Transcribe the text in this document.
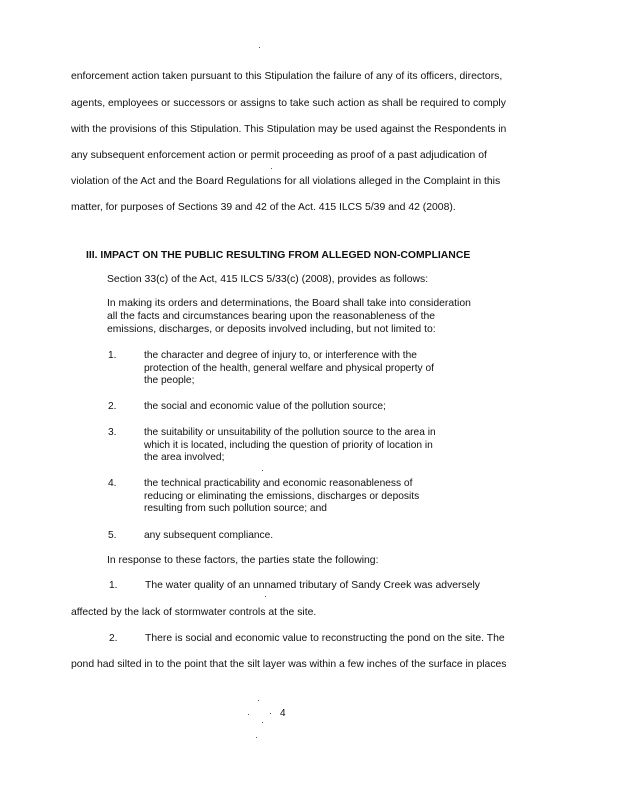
enforcement action taken pursuant to this Stipulation the failure of any of its officers, directors,
agents, employees or successors or assigns to take such action as shall be required to comply
with the provisions of this Stipulation. This Stipulation may be used against the Respondents in
any subsequent enforcement action or permit proceeding as proof of a past adjudication of
violation of the Act and the Board Regulations for all violations alleged in the Complaint in this
matter, for purposes of Sections 39 and 42 of the Act. 415 ILCS 5/39 and 42 (2008).
III. IMPACT ON THE PUBLIC RESULTING FROM ALLEGED NON-COMPLIANCE
Section 33(c) of the Act, 415 ILCS 5/33(c) (2008), provides as follows:
In making its orders and determinations, the Board shall take into consideration
all the facts and circumstances bearing upon the reasonableness of the
emissions, discharges, or deposits involved including, but not limited to:
1.	the character and degree of injury to, or interference with the
protection of the health, general welfare and physical property of
the people;
2.	the social and economic value of the pollution source;
3.	the suitability or unsuitability of the pollution source to the area in
which it is located, including the question of priority of location in
the area involved;
4.	the technical practicability and economic reasonableness of
reducing or eliminating the emissions, discharges or deposits
resulting from such pollution source; and
5.	any subsequent compliance.
In response to these factors, the parties state the following:
1.	The water quality of an unnamed tributary of Sandy Creek was adversely
affected by the lack of stormwater controls at the site.
2.	There is social and economic value to reconstructing the pond on the site. The
pond had silted in to the point that the silt layer was within a few inches of the surface in places
4
